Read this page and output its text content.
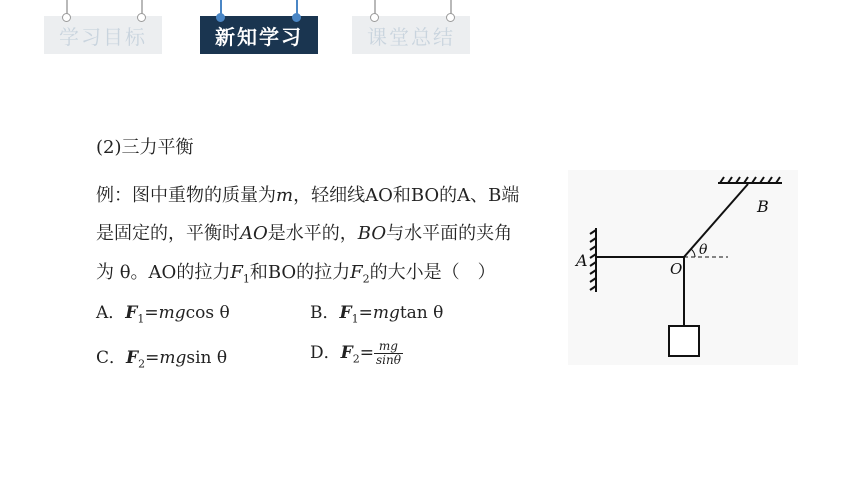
学习目标	新知学习	课堂总结
(2)三力平衡
例：图中重物的质量为m，轻细线AO和BO的A、B端
是固定的，平衡时AO是水平的，BO与水平面的夹角
为 θ。AO的拉力$F_1$和BO的拉力$F_2$的大小是（　）
A．$F_1=mgcos$ θ	B．$F_1=mgtan$ θ
C．$F_2=mgsin$ θ	D．$F_2= \frac{mg}{\sin\theta}$
A
B
O
θ
